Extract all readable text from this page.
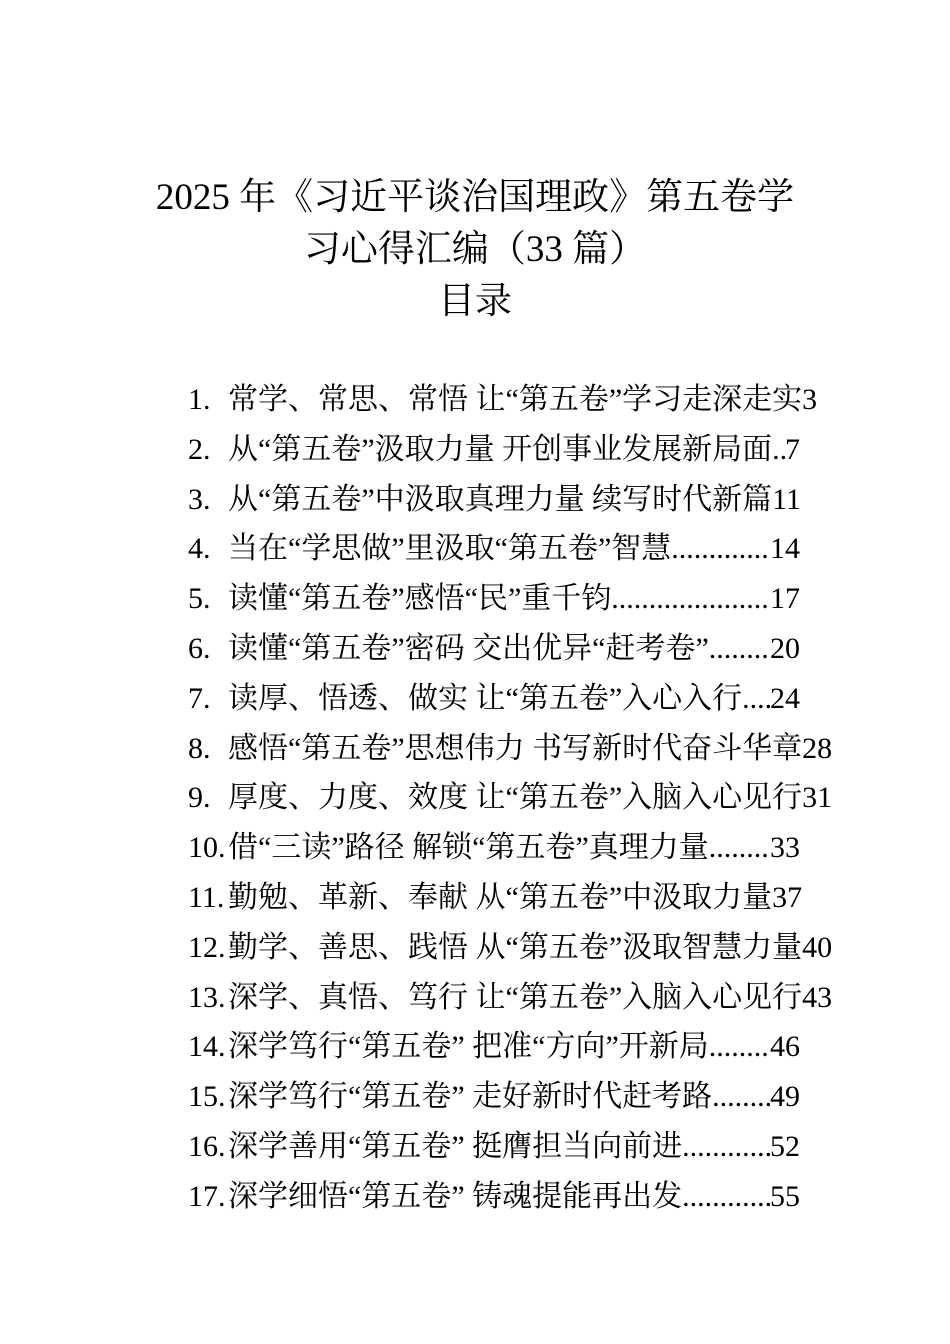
2025 年《习近平谈治国理政》第五卷学
习心得汇编（33 篇）
目录
1. 常学、常思、常悟 让“第五卷”学习走深走实 3
2. 从“第五卷”汲取力量 开创事业发展新局面 ..... 7
3. 从“第五卷”中汲取真理力量 续写时代新篇 11
4. 当在“学思做”里汲取“第五卷”智慧 .....	14
5. 读懂“第五卷”感悟“民”重千钧 .....	17
6. 读懂“第五卷”密码 交出优异“赶考卷” ..... 20
7. 读厚、悟透、做实 让“第五卷”入心入行 ..... 24
8. 感悟“第五卷”思想伟力 书写新时代奋斗华章 28
9. 厚度、力度、效度 让“第五卷”入脑入心见行 31
10. 借“三读”路径 解锁“第五卷”真理力量 ..... 33
11. 勤勉、革新、奉献 从“第五卷”中汲取力量 37
12. 勤学、善思、践悟 从“第五卷”汲取智慧力量 40
13. 深学、真悟、笃行 让“第五卷”入脑入心见行 43
14. 深学笃行“第五卷” 把准“方向”开新局 ..... 46
15. 深学笃行“第五卷” 走好新时代赶考路 ..... 49
16. 深学善用“第五卷” 挺膺担当向前进 .....	52
17. 深学细悟“第五卷” 铸魂提能再出发 .....	55
